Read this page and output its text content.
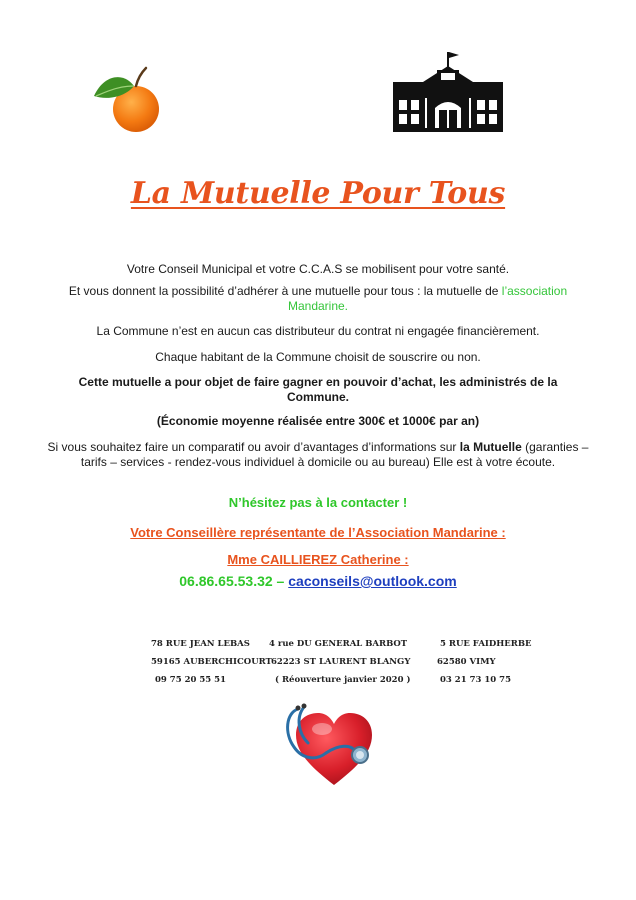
La Mutuelle Pour Tous
Votre Conseil Municipal et votre C.C.A.S se mobilisent pour votre santé.
Et vous donnent la possibilité d’adhérer à une mutuelle pour tous : la mutuelle de l’association Mandarine.
La Commune n’est en aucun cas distributeur du contrat ni engagée financièrement.
Chaque habitant de la Commune choisit de souscrire ou non.
Cette mutuelle a pour objet de faire gagner en pouvoir d’achat, les administrés de la Commune.
(Économie moyenne réalisée entre 300€ et 1000€ par an)
Si vous souhaitez faire un comparatif ou avoir d’avantages d’informations sur la Mutuelle (garanties – tarifs – services - rendez-vous individuel à domicile ou au bureau) Elle est à votre écoute.
N’hésitez pas à la contacter !
Votre Conseillère représentante de l’Association Mandarine :
Mme CAILLIEREZ Catherine :
06.86.65.53.32 – caconseils@outlook.com
78 RUE JEAN LEBAS
59165 AUBERCHICOURT
09 75 20 55 51
4 rue DU GENERAL BARBOT
62223 ST LAURENT BLANGY
( Réouverture janvier 2020 )
5 RUE FAIDHERBE
62580 VIMY
03 21 73 10 75
